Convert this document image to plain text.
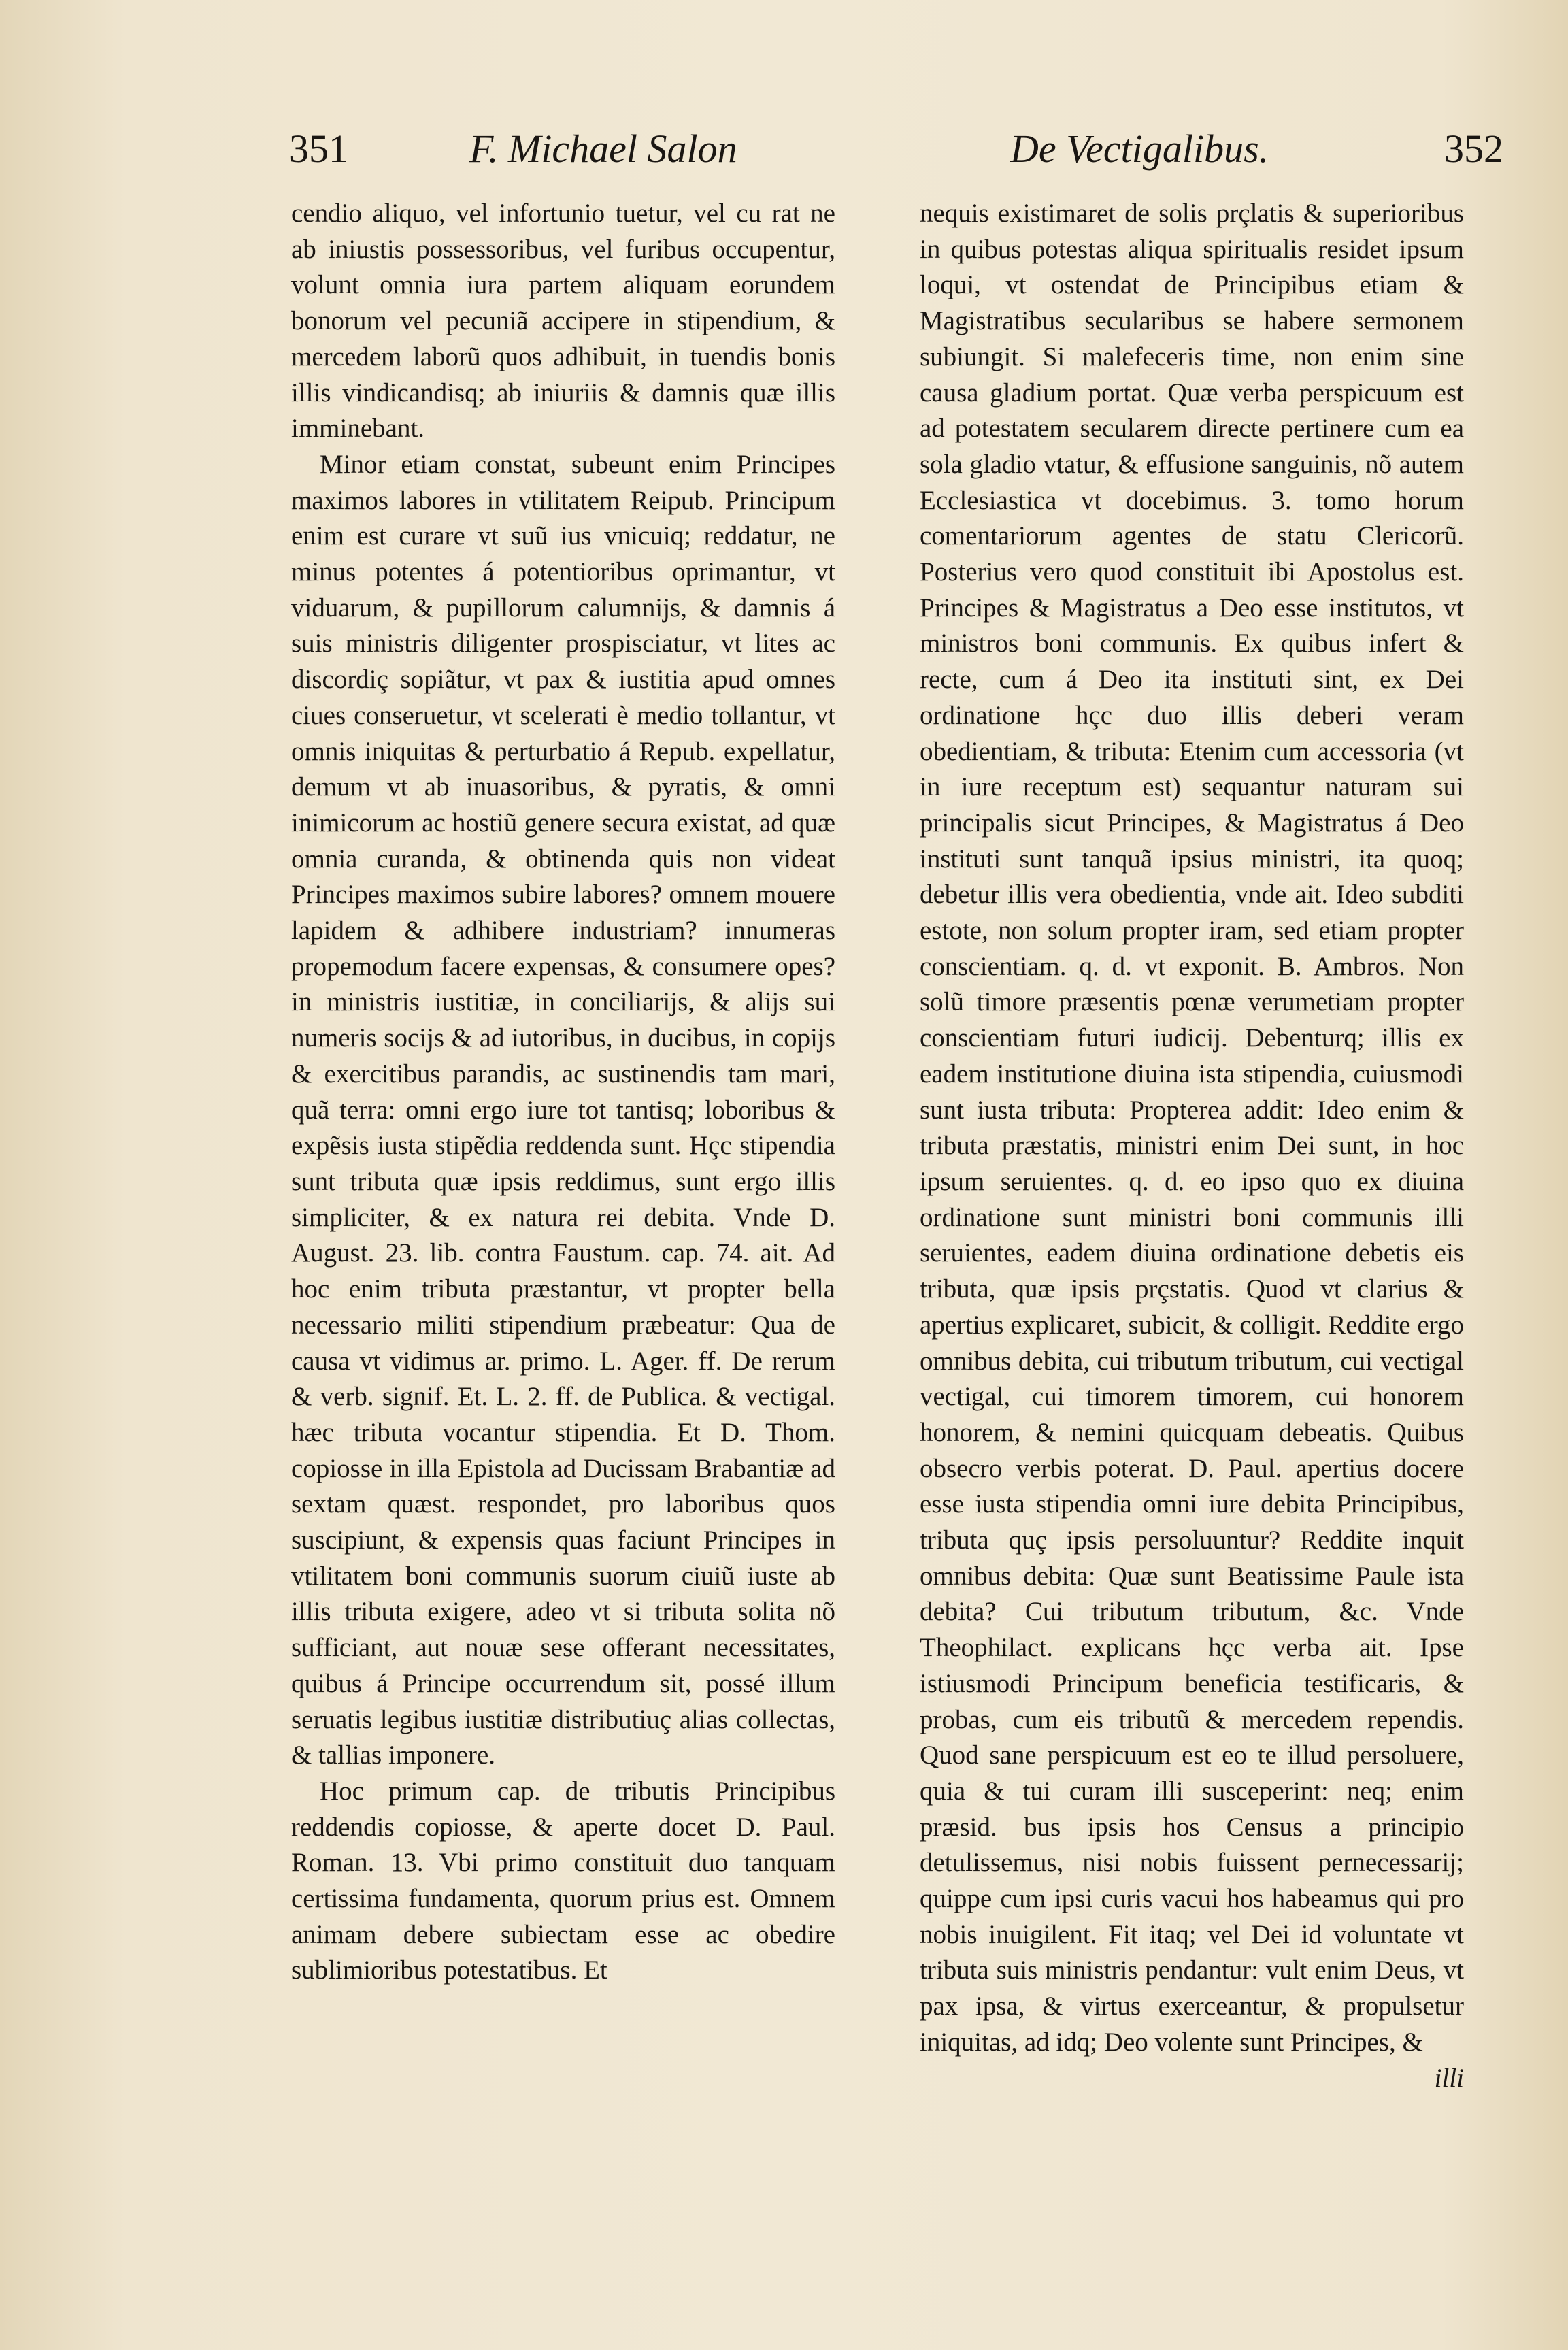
351	F. Michael Salon	De Vectigalibus.	352

cendio aliquo, vel infortunio tuetur, vel cu rat ne ab iniustis possessoribus, vel furibus occupentur, volunt omnia iura partem aliquam eorundem bonorum vel pecuniã accipere in stipendium, & mercedem laborũ quos adhibuit, in tuendis bonis illis vindicandisq; ab iniuriis & damnis quæ illis imminebant.

Minor etiam constat, subeunt enim Principes maximos labores in vtilitatem Reipub. Principum enim est curare vt suũ ius vnicuiq; reddatur, ne minus potentes á potentioribus oprimantur, vt viduarum, & pupillorum calumnijs, & damnis á suis ministris diligenter prospisciatur, vt lites ac discordiç sopiãtur, vt pax & iustitia apud omnes ciues conseruetur, vt scelerati è medio tollantur, vt omnis iniquitas & perturbatio á Repub. expellatur, demum vt ab inuasoribus, & pyratis, & omni inimicorum ac hostiũ genere secura existat, ad quæ omnia curanda, & obtinenda quis non videat Principes maximos subire labores? omnem mouere lapidem & adhibere industriam? innumeras propemodum facere expensas, & consumere opes? in ministris iustitiæ, in conciliarijs, & alijs sui numeris socijs & ad iutoribus, in ducibus, in copijs & exercitibus parandis, ac sustinendis tam mari, quã terra: omni ergo iure tot tantisq; loboribus & expẽsis iusta stipẽdia reddenda sunt. Hçc stipendia sunt tributa quæ ipsis reddimus, sunt ergo illis simpliciter, & ex natura rei debita. Vnde D. August. 23. lib. contra Faustum. cap. 74. ait. Ad hoc enim tributa præstantur, vt propter bella necessario militi stipendium præbeatur: Qua de causa vt vidimus ar. primo. L. Ager. ff. De rerum & verb. signif. Et. L. 2. ff. de Publica. & vectigal. hæc tributa vocantur stipendia. Et D. Thom. copiosse in illa Epistola ad Ducissam Brabantiæ ad sextam quæst. respondet, pro laboribus quos suscipiunt, & expensis quas faciunt Principes in vtilitatem boni communis suorum ciuiũ iuste ab illis tributa exigere, adeo vt si tributa solita nõ sufficiant, aut nouæ sese offerant necessitates, quibus á Principe occurrendum sit, possé illum seruatis legibus iustitiæ distributiuç alias collectas, & tallias imponere.

Hoc primum cap. de tributis Principibus reddendis copiosse, & aperte docet D. Paul. Roman. 13. Vbi primo constituit duo tanquam certissima fundamenta, quorum prius est. Omnem animam debere subiectam esse ac obedire sublimioribus potestatibus. Et

nequis existimaret de solis prçlatis & superioribus in quibus potestas aliqua spiritualis residet ipsum loqui, vt ostendat de Principibus etiam & Magistratibus secularibus se habere sermonem subiungit. Si malefeceris time, non enim sine causa gladium portat. Quæ verba perspicuum est ad potestatem secularem directe pertinere cum ea sola gladio vtatur, & effusione sanguinis, nõ autem Ecclesiastica vt docebimus. 3. tomo horum comentariorum agentes de statu Clericorũ. Posterius vero quod constituit ibi Apostolus est. Principes & Magistratus a Deo esse institutos, vt ministros boni communis. Ex quibus infert & recte, cum á Deo ita instituti sint, ex Dei ordinatione hçc duo illis deberi veram obedientiam, & tributa: Etenim cum accessoria (vt in iure receptum est) sequantur naturam sui principalis sicut Principes, & Magistratus á Deo instituti sunt tanquã ipsius ministri, ita quoq; debetur illis vera obedientia, vnde ait. Ideo subditi estote, non solum propter iram, sed etiam propter conscientiam. q. d. vt exponit. B. Ambros. Non solũ timore præsentis pœnæ verumetiam propter conscientiam futuri iudicij. Debenturq; illis ex eadem institutione diuina ista stipendia, cuiusmodi sunt iusta tributa: Propterea addit: Ideo enim & tributa præstatis, ministri enim Dei sunt, in hoc ipsum seruientes. q. d. eo ipso quo ex diuina ordinatione sunt ministri boni communis illi seruientes, eadem diuina ordinatione debetis eis tributa, quæ ipsis prçstatis. Quod vt clarius & apertius explicaret, subicit, & colligit. Reddite ergo omnibus debita, cui tributum tributum, cui vectigal vectigal, cui timorem timorem, cui honorem honorem, & nemini quicquam debeatis. Quibus obsecro verbis poterat. D. Paul. apertius docere esse iusta stipendia omni iure debita Principibus, tributa quç ipsis persoluuntur? Reddite inquit omnibus debita: Quæ sunt Beatissime Paule ista debita? Cui tributum tributum, &c. Vnde Theophilact. explicans hçc verba ait. Ipse istiusmodi Principum beneficia testificaris, & probas, cum eis tributũ & mercedem rependis. Quod sane perspicuum est eo te illud persoluere, quia & tui curam illi susceperint: neq; enim præsid. bus ipsis hos Census a principio detulissemus, nisi nobis fuissent pernecessarij; quippe cum ipsi curis vacui hos habeamus qui pro nobis inuigilent. Fit itaq; vel Dei id voluntate vt tributa suis ministris pendantur: vult enim Deus, vt pax ipsa, & virtus exerceantur, & propulsetur iniquitas, ad idq; Deo volente sunt Principes, &

illi
